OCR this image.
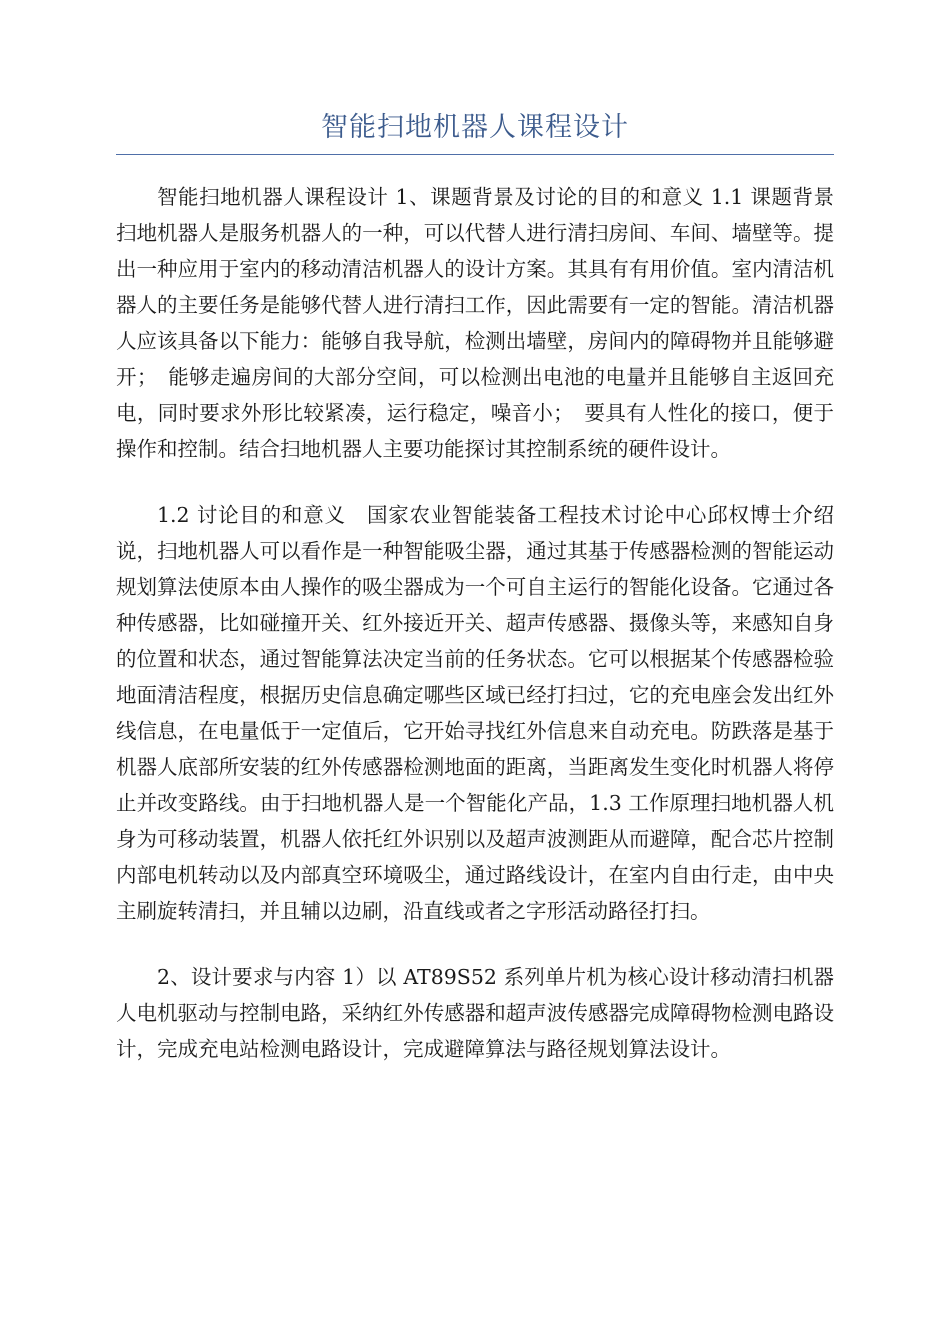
智能扫地机器人课程设计

智能扫地机器人课程设计 1、课题背景及讨论的目的和意义 1.1 课题背景扫地机器人是服务机器人的一种，可以代替人进行清扫房间、车间、墙壁等。提出一种应用于室内的移动清洁机器人的设计方案。其具有有用价值。室内清洁机器人的主要任务是能够代替人进行清扫工作，因此需要有一定的智能。清洁机器人应该具备以下能力：能够自我导航，检测出墙壁，房间内的障碍物并且能够避开；　能够走遍房间的大部分空间，可以检测出电池的电量并且能够自主返回充电，同时要求外形比较紧凑，运行稳定，噪音小；　要具有人性化的接口，便于操作和控制。结合扫地机器人主要功能探讨其控制系统的硬件设计。

1.2 讨论目的和意义　国家农业智能装备工程技术讨论中心邱权博士介绍说，扫地机器人可以看作是一种智能吸尘器，通过其基于传感器检测的智能运动规划算法使原本由人操作的吸尘器成为一个可自主运行的智能化设备。它通过各种传感器，比如碰撞开关、红外接近开关、超声传感器、摄像头等，来感知自身的位置和状态，通过智能算法决定当前的任务状态。它可以根据某个传感器检验地面清洁程度，根据历史信息确定哪些区域已经打扫过，它的充电座会发出红外线信息，在电量低于一定值后，它开始寻找红外信息来自动充电。防跌落是基于机器人底部所安装的红外传感器检测地面的距离，当距离发生变化时机器人将停止并改变路线。由于扫地机器人是一个智能化产品，1.3 工作原理扫地机器人机身为可移动装置，机器人依托红外识别以及超声波测距从而避障，配合芯片控制内部电机转动以及内部真空环境吸尘，通过路线设计，在室内自由行走，由中央主刷旋转清扫，并且辅以边刷，沿直线或者之字形活动路径打扫。

2、设计要求与内容 1）以 AT89S52 系列单片机为核心设计移动清扫机器人电机驱动与控制电路，采纳红外传感器和超声波传感器完成障碍物检测电路设计，完成充电站检测电路设计，完成避障算法与路径规划算法设计。
